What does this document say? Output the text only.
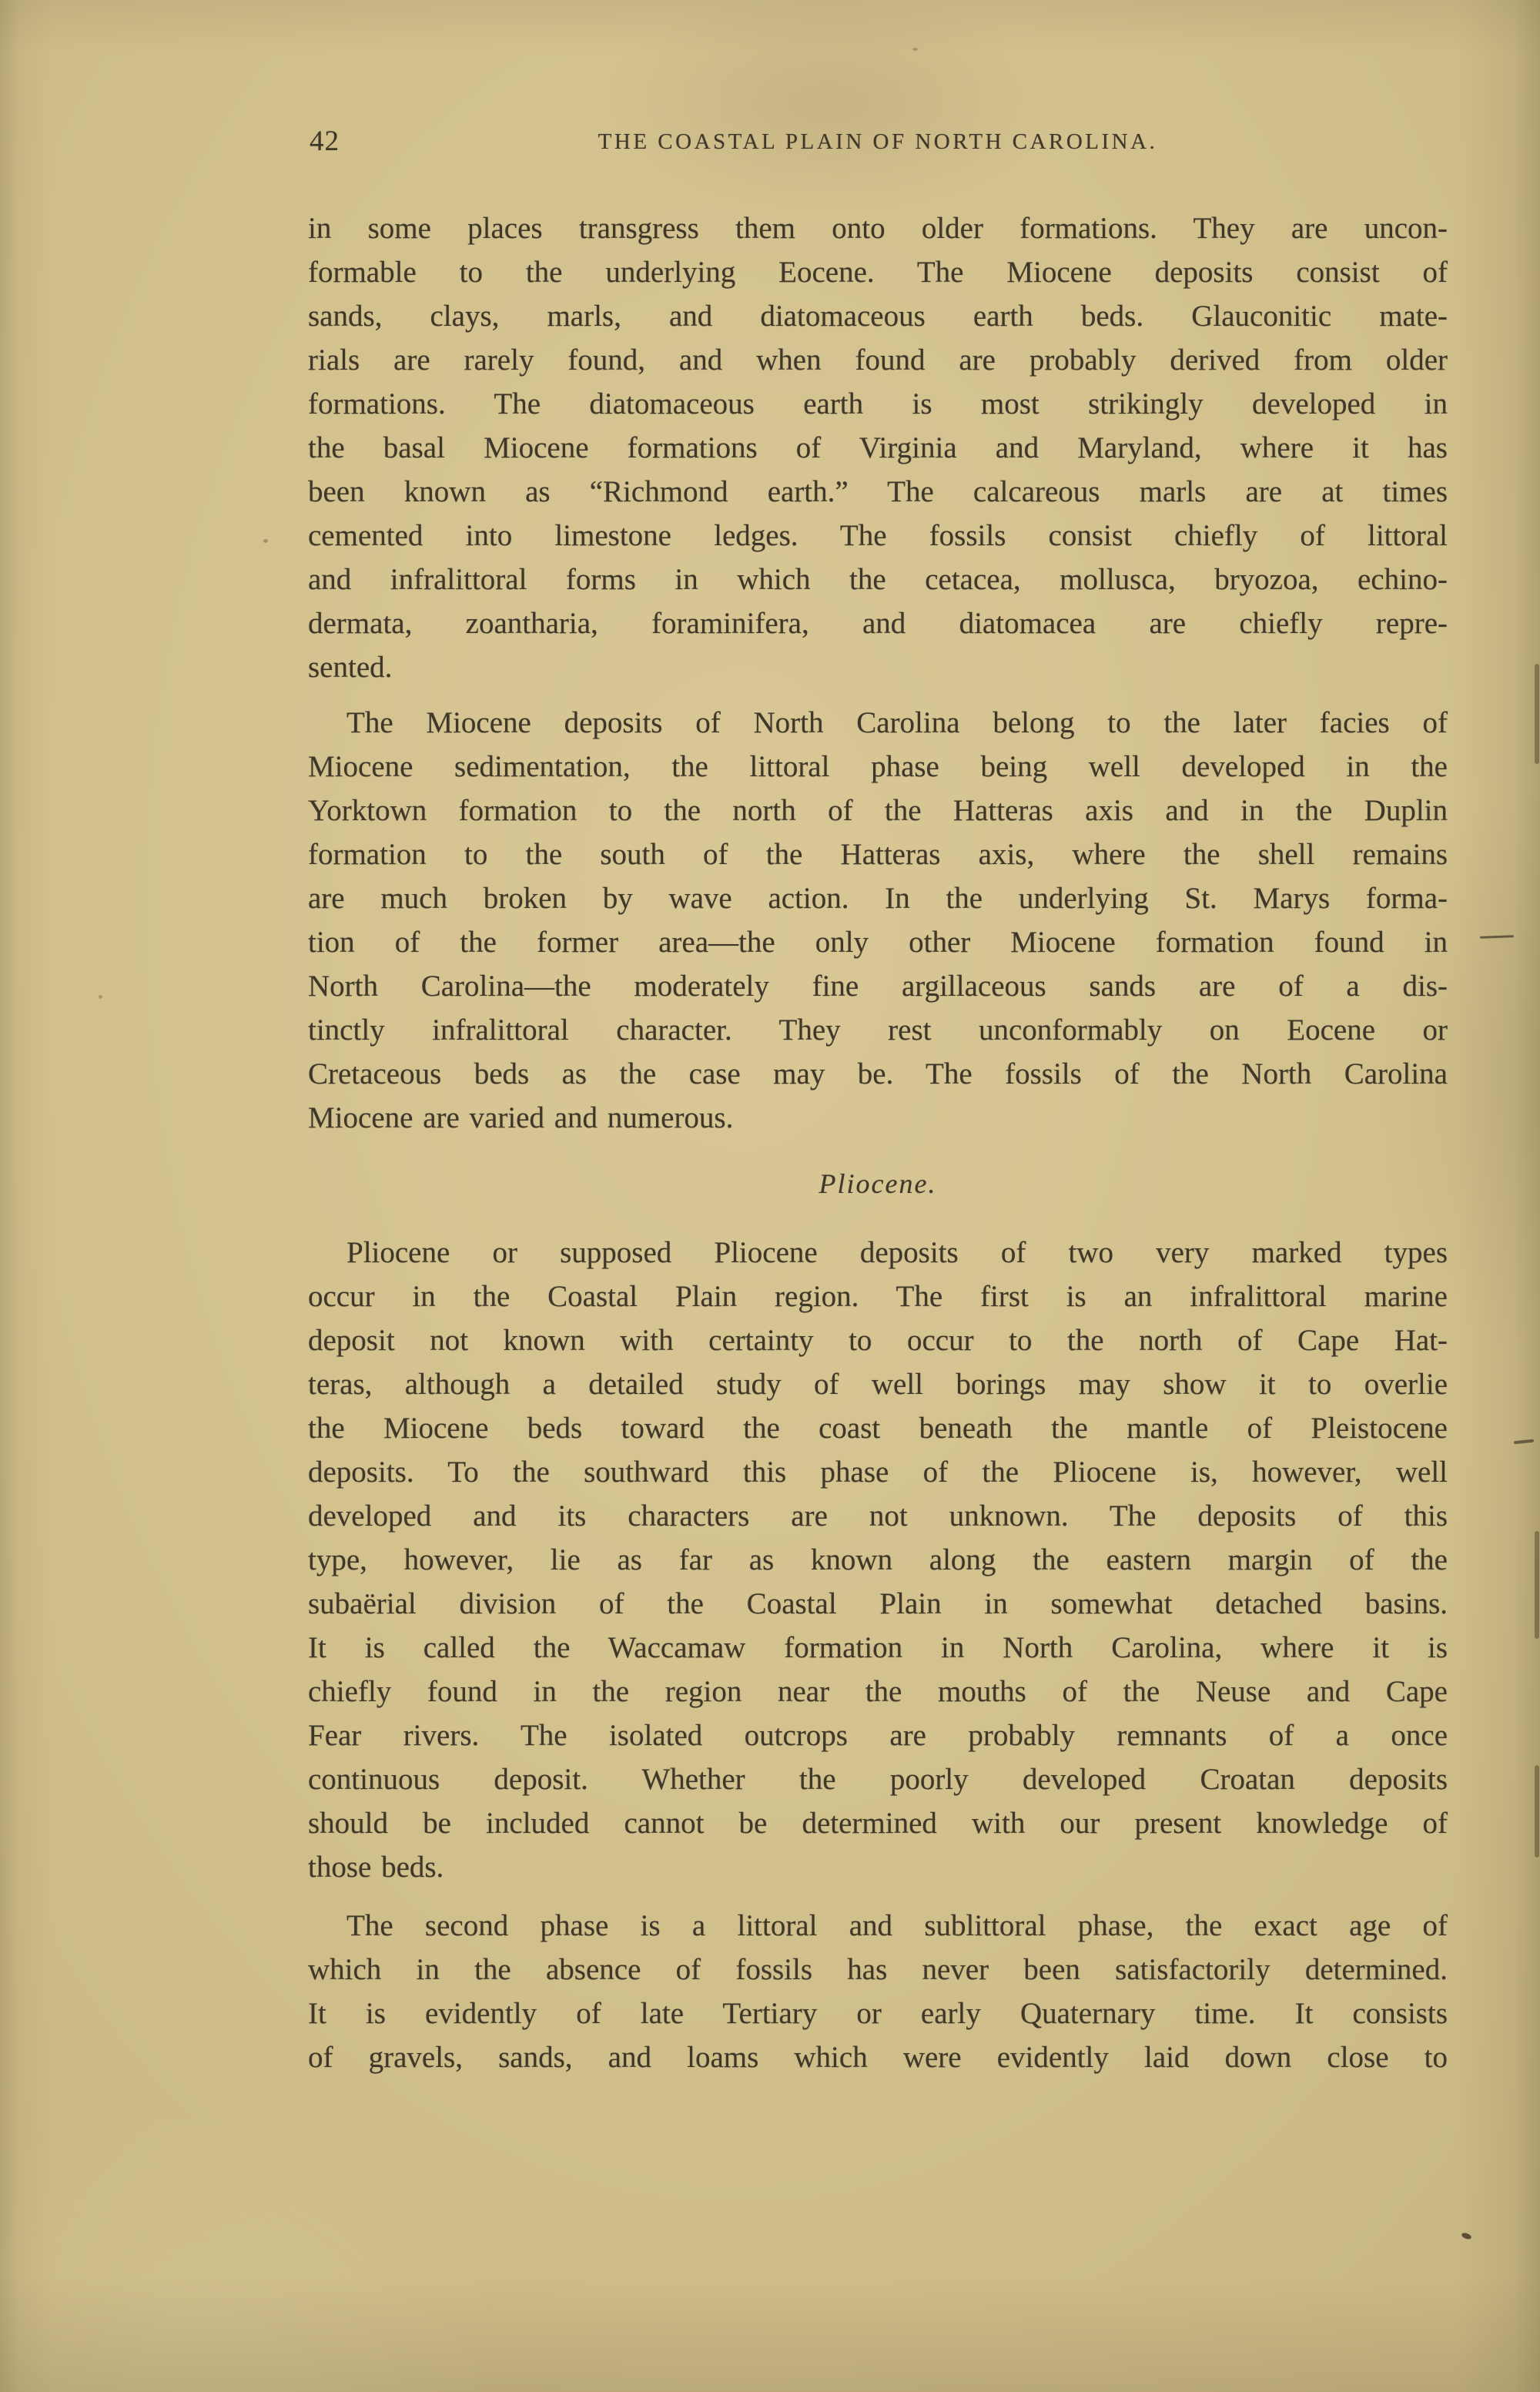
42	THE COASTAL PLAIN OF NORTH CAROLINA.
in some places transgress them onto older formations. They are uncon-
formable to the underlying Eocene. The Miocene deposits consist of
sands, clays, marls, and diatomaceous earth beds. Glauconitic mate-
rials are rarely found, and when found are probably derived from older
formations. The diatomaceous earth is most strikingly developed in
the basal Miocene formations of Virginia and Maryland, where it has
been known as “Richmond earth.” The calcareous marls are at times
cemented into limestone ledges. The fossils consist chiefly of littoral
and infralittoral forms in which the cetacea, mollusca, bryozoa, echino-
dermata, zoantharia, foraminifera, and diatomacea are chiefly repre-
sented.
The Miocene deposits of North Carolina belong to the later facies of
Miocene sedimentation, the littoral phase being well developed in the
Yorktown formation to the north of the Hatteras axis and in the Duplin
formation to the south of the Hatteras axis, where the shell remains
are much broken by wave action. In the underlying St. Marys forma-
tion of the former area—the only other Miocene formation found in
North Carolina—the moderately fine argillaceous sands are of a dis-
tinctly infralittoral character. They rest unconformably on Eocene or
Cretaceous beds as the case may be. The fossils of the North Carolina
Miocene are varied and numerous.
Pliocene.
Pliocene or supposed Pliocene deposits of two very marked types
occur in the Coastal Plain region. The first is an infralittoral marine
deposit not known with certainty to occur to the north of Cape Hat-
teras, although a detailed study of well borings may show it to overlie
the Miocene beds toward the coast beneath the mantle of Pleistocene
deposits. To the southward this phase of the Pliocene is, however, well
developed and its characters are not unknown. The deposits of this
type, however, lie as far as known along the eastern margin of the
subaërial division of the Coastal Plain in somewhat detached basins.
It is called the Waccamaw formation in North Carolina, where it is
chiefly found in the region near the mouths of the Neuse and Cape
Fear rivers. The isolated outcrops are probably remnants of a once
continuous deposit. Whether the poorly developed Croatan deposits
should be included cannot be determined with our present knowledge of
those beds.
The second phase is a littoral and sublittoral phase, the exact age of
which in the absence of fossils has never been satisfactorily determined.
It is evidently of late Tertiary or early Quaternary time. It consists
of gravels, sands, and loams which were evidently laid down close to
